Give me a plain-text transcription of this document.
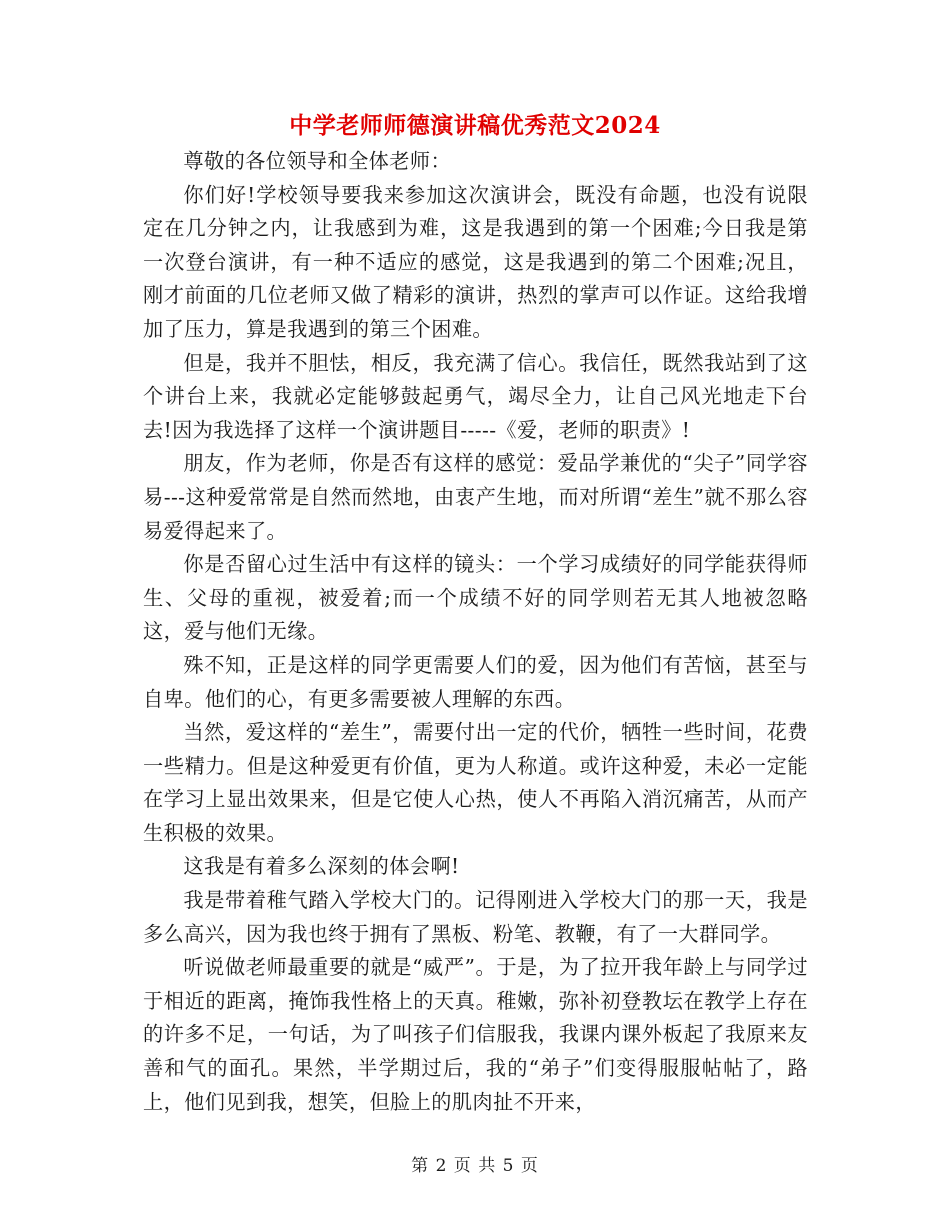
中学老师师德演讲稿优秀范文2024

尊敬的各位领导和全体老师：

你们好!学校领导要我来参加这次演讲会，既没有命题，也没有说限定在几分钟之内，让我感到为难，这是我遇到的第一个困难;今日我是第一次登台演讲，有一种不适应的感觉，这是我遇到的第二个困难;况且，刚才前面的几位老师又做了精彩的演讲，热烈的掌声可以作证。这给我增加了压力，算是我遇到的第三个困难。

但是，我并不胆怯，相反，我充满了信心。我信任，既然我站到了这个讲台上来，我就必定能够鼓起勇气，竭尽全力，让自己风光地走下台去!因为我选择了这样一个演讲题目-----《爱，老师的职责》!

朋友，作为老师，你是否有这样的感觉：爱品学兼优的“尖子”同学容易---这种爱常常是自然而然地，由衷产生地，而对所谓“差生”就不那么容易爱得起来了。

你是否留心过生活中有这样的镜头：一个学习成绩好的同学能获得师生、父母的重视，被爱着;而一个成绩不好的同学则若无其人地被忽略这，爱与他们无缘。

殊不知，正是这样的同学更需要人们的爱，因为他们有苦恼，甚至与自卑。他们的心，有更多需要被人理解的东西。

当然，爱这样的“差生”，需要付出一定的代价，牺牲一些时间，花费一些精力。但是这种爱更有价值，更为人称道。或许这种爱，未必一定能在学习上显出效果来，但是它使人心热，使人不再陷入消沉痛苦，从而产生积极的效果。

这我是有着多么深刻的体会啊!

我是带着稚气踏入学校大门的。记得刚进入学校大门的那一天，我是多么高兴，因为我也终于拥有了黑板、粉笔、教鞭，有了一大群同学。

听说做老师最重要的就是“威严”。于是，为了拉开我年龄上与同学过于相近的距离，掩饰我性格上的天真。稚嫩，弥补初登教坛在教学上存在的许多不足，一句话，为了叫孩子们信服我，我课内课外板起了我原来友善和气的面孔。果然，半学期过后，我的“弟子”们变得服服帖帖了，路上，他们见到我，想笑，但脸上的肌肉扯不开来，

第 2 页 共 5 页
